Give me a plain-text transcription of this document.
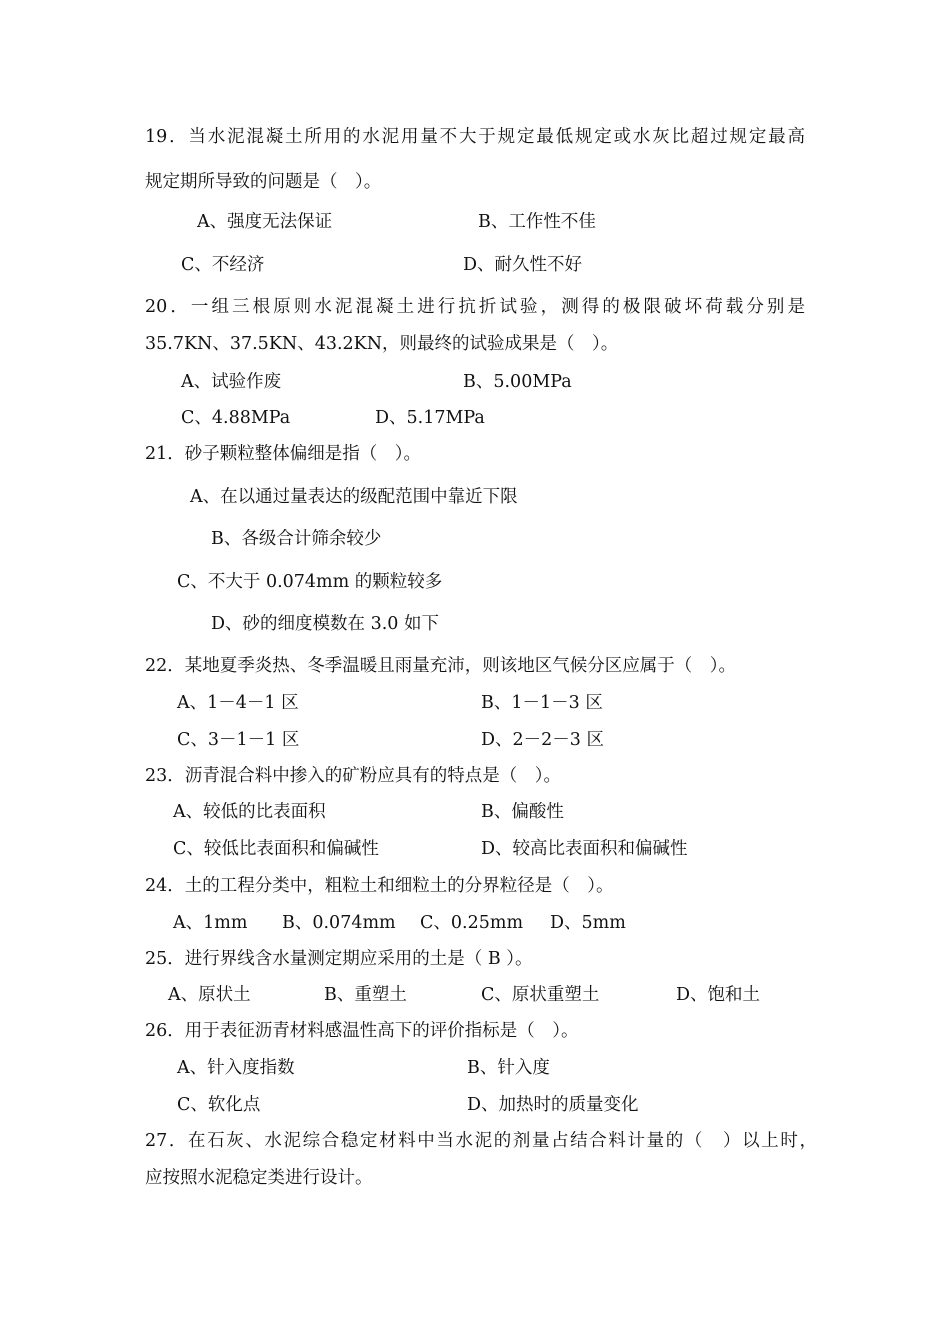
19．当水泥混凝土所用的水泥用量不大于规定最低规定或水灰比超过规定最高
规定期所导致的问题是（　）。
A、强度无法保证	B、工作性不佳
C、不经济	D、耐久性不好
20．一组三根原则水泥混凝土进行抗折试验，测得的极限破坏荷载分别是
35.7KN、37.5KN、43.2KN，则最终的试验成果是（　）。
A、试验作废	B、5.00MPa
C、4.88MPa	D、5.17MPa
21．砂子颗粒整体偏细是指（　）。
A、在以通过量表达的级配范围中靠近下限
B、各级合计筛余较少
C、不大于 0.074mm 的颗粒较多
D、砂的细度模数在 3.0 如下
22．某地夏季炎热、冬季温暖且雨量充沛，则该地区气候分区应属于（　）。
A、1－4－1 区	B、1－1－3 区
C、3－1－1 区	D、2－2－3 区
23．沥青混合料中掺入的矿粉应具有的特点是（　）。
A、较低的比表面积	B、偏酸性
C、较低比表面积和偏碱性	D、较高比表面积和偏碱性
24．土的工程分类中，粗粒土和细粒土的分界粒径是（　）。
A、1mm B、0.074mm C、0.25mm D、5mm
25．进行界线含水量测定期应采用的土是（ B ）。
A、原状土	B、重塑土	C、原状重塑土	D、饱和土
26．用于表征沥青材料感温性高下的评价指标是（　）。
A、针入度指数	B、针入度
C、软化点	D、加热时的质量变化
27．在石灰、水泥综合稳定材料中当水泥的剂量占结合料计量的（　）以上时，
应按照水泥稳定类进行设计。
